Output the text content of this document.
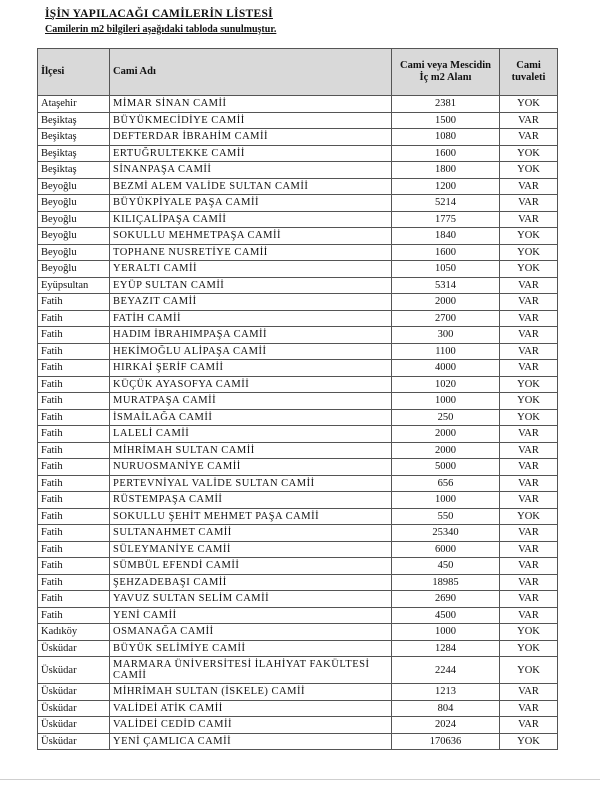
İŞİN YAPILACAĞI CAMİLERİN LİSTESİ
Camilerin m2 bilgileri aşağıdaki tabloda sunulmuştur.
İlçesi	Cami Adı	Cami veya Mescidin İç m2 Alanı	Cami tuvaleti
Ataşehir	MİMAR SİNAN CAMİİ	2381	YOK
Beşiktaş	BÜYÜKMECİDİYE CAMİİ	1500	VAR
Beşiktaş	DEFTERDAR İBRAHİM CAMİİ	1080	VAR
Beşiktaş	ERTUĞRULTEKKE CAMİİ	1600	YOK
Beşiktaş	SİNANPAŞA CAMİİ	1800	YOK
Beyoğlu	BEZMİ ALEM VALİDE SULTAN CAMİİ	1200	VAR
Beyoğlu	BÜYÜKPİYALE PAŞA CAMİİ	5214	VAR
Beyoğlu	KILIÇALİPAŞA CAMİİ	1775	VAR
Beyoğlu	SOKULLU MEHMETPAŞA CAMİİ	1840	YOK
Beyoğlu	TOPHANE NUSRETİYE CAMİİ	1600	YOK
Beyoğlu	YERALTI CAMİİ	1050	YOK
Eyüpsultan	EYÜP SULTAN CAMİİ	5314	VAR
Fatih	BEYAZIT CAMİİ	2000	VAR
Fatih	FATİH CAMİİ	2700	VAR
Fatih	HADIM İBRAHIMPAŞA CAMİİ	300	VAR
Fatih	HEKİMOĞLU ALİPAŞA CAMİİ	1100	VAR
Fatih	HIRKAİ ŞERİF CAMİİ	4000	VAR
Fatih	KÜÇÜK AYASOFYA CAMİİ	1020	YOK
Fatih	MURATPAŞA CAMİİ	1000	YOK
Fatih	İSMAİLAĞA CAMİİ	250	YOK
Fatih	LALELİ CAMİİ	2000	VAR
Fatih	MİHRİMAH SULTAN CAMİİ	2000	VAR
Fatih	NURUOSMANİYE CAMİİ	5000	VAR
Fatih	PERTEVNİYAL VALİDE SULTAN CAMİİ	656	VAR
Fatih	RÜSTEMPAŞA CAMİİ	1000	VAR
Fatih	SOKULLU ŞEHİT MEHMET PAŞA CAMİİ	550	YOK
Fatih	SULTANAHMET CAMİİ	25340	VAR
Fatih	SÜLEYMANİYE CAMİİ	6000	VAR
Fatih	SÜMBÜL EFENDİ CAMİİ	450	VAR
Fatih	ŞEHZADEBAŞI CAMİİ	18985	VAR
Fatih	YAVUZ SULTAN SELİM CAMİİ	2690	VAR
Fatih	YENİ CAMİİ	4500	VAR
Kadıköy	OSMANAĞA CAMİİ	1000	YOK
Üsküdar	BÜYÜK SELİMİYE CAMİİ	1284	YOK
Üsküdar	MARMARA ÜNİVERSİTESİ İLAHİYAT FAKÜLTESİ CAMİİ	2244	YOK
Üsküdar	MİHRİMAH SULTAN (İSKELE) CAMİİ	1213	VAR
Üsküdar	VALİDEİ ATİK CAMİİ	804	VAR
Üsküdar	VALİDEİ CEDİD CAMİİ	2024	VAR
Üsküdar	YENİ ÇAMLICA CAMİİ	170636	YOK
